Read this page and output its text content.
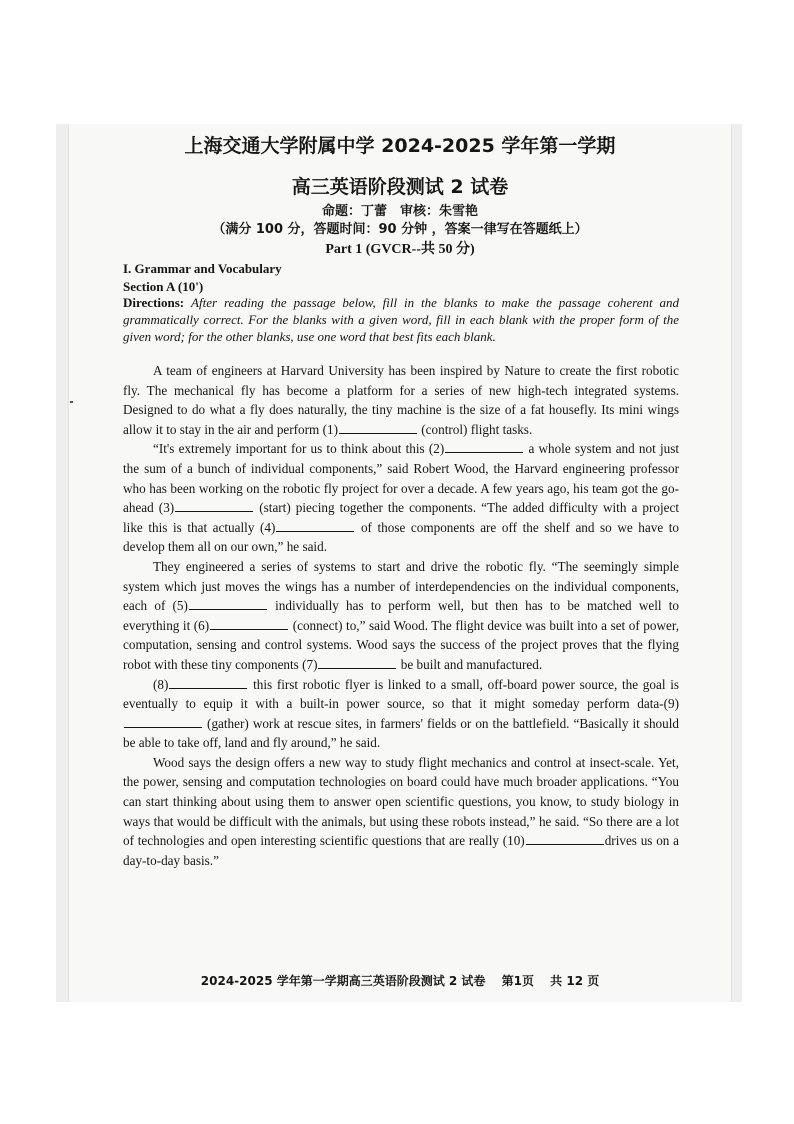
上海交通大学附属中学 2024-2025 学年第一学期
高三英语阶段测试 2 试卷
命题：丁蕾　审核：朱雪艳
（满分 100 分，答题时间：90 分钟 ，答案一律写在答题纸上）
Part 1 (GVCR--共 50 分)
I. Grammar and Vocabulary
Section A (10')
Directions: After reading the passage below, fill in the blanks to make the passage coherent and grammatically correct. For the blanks with a given word, fill in each blank with the proper form of the given word; for the other blanks, use one word that best fits each blank.

A team of engineers at Harvard University has been inspired by Nature to create the first robotic fly. The mechanical fly has become a platform for a series of new high-tech integrated systems. Designed to do what a fly does naturally, the tiny machine is the size of a fat housefly. Its mini wings allow it to stay in the air and perform (1)	(control) flight tasks.

“It's extremely important for us to think about this (2)	a whole system and not just the sum of a bunch of individual components,” said Robert Wood, the Harvard engineering professor who has been working on the robotic fly project for over a decade. A few years ago, his team got the go-ahead (3)	(start) piecing together the components. “The added difficulty with a project like this is that actually (4)	of those components are off the shelf and so we have to develop them all on our own,” he said.

They engineered a series of systems to start and drive the robotic fly. “The seemingly simple system which just moves the wings has a number of interdependencies on the individual components, each of (5)	individually has to perform well, but then has to be matched well to everything it (6)	(connect) to,” said Wood. The flight device was built into a set of power, computation, sensing and control systems. Wood says the success of the project proves that the flying robot with these tiny components (7)	be built and manufactured.

(8)	this first robotic flyer is linked to a small, off-board power source, the goal is eventually to equip it with a built-in power source, so that it might someday perform data-(9) (gather) work at rescue sites, in farmers' fields or on the battlefield. “Basically it should be able to take off, land and fly around,” he said.

Wood says the design offers a new way to study flight mechanics and control at insect-scale. Yet, the power, sensing and computation technologies on board could have much broader applications. “You can start thinking about using them to answer open scientific questions, you know, to study biology in ways that would be difficult with the animals, but using these robots instead,” he said. “So there are a lot of technologies and open interesting scientific questions that are really (10)	drives us on a day-to-day basis.”

2024-2025 学年第一学期高三英语阶段测试 2 试卷 第1页 共 12 页
